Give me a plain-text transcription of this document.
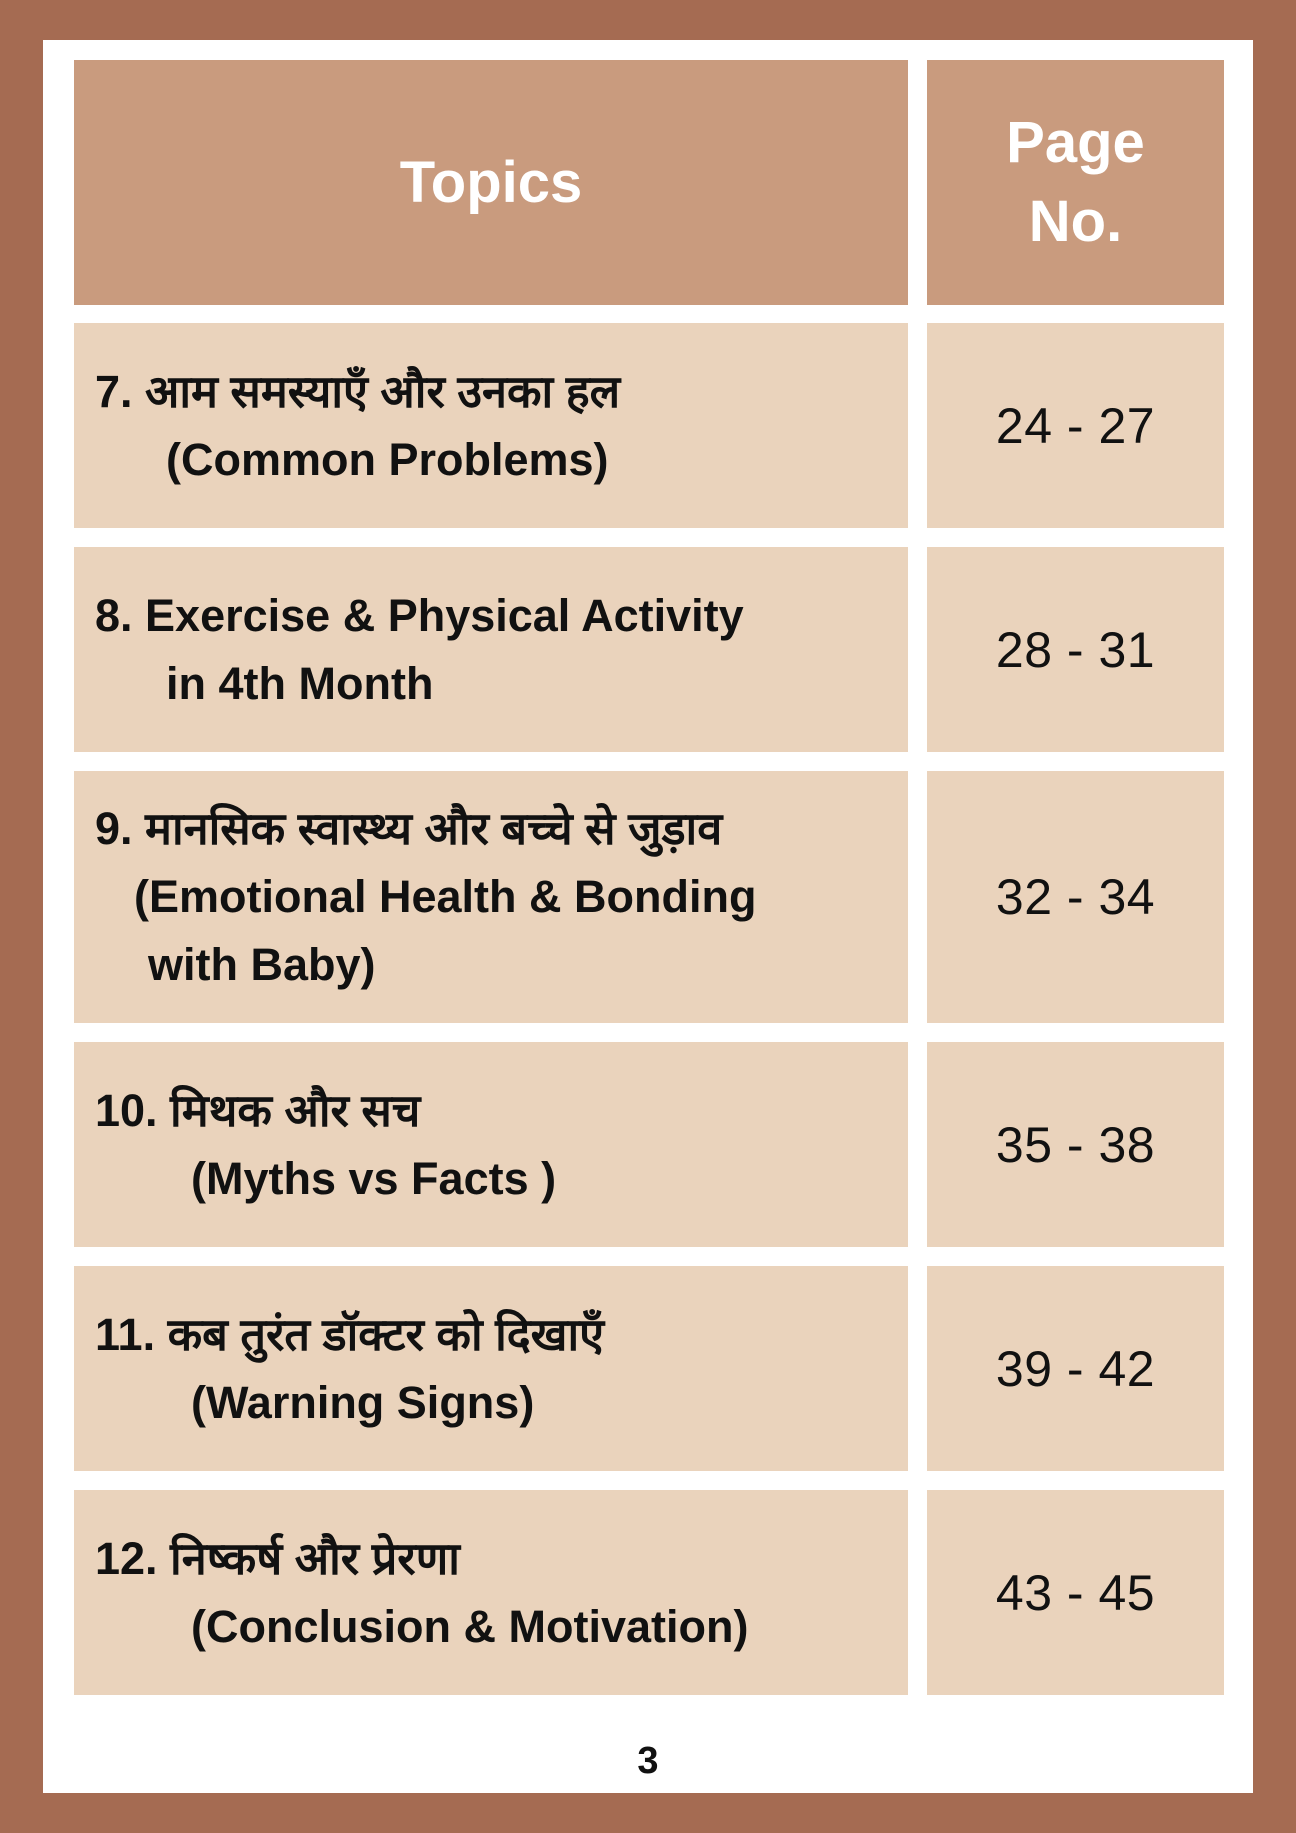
Topics
Page
No.
7. आम समस्याएँ और उनका हल
(Common Problems)
24 - 27
8. Exercise & Physical Activity
in 4th Month
28 - 31
9. मानसिक स्वास्थ्य और बच्चे से जुड़ाव
(Emotional Health & Bonding
with Baby)
32 - 34
10. मिथक और सच
(Myths vs Facts )
35 - 38
11. कब तुरंत डॉक्टर को दिखाएँ
(Warning Signs)
39 - 42
12. निष्कर्ष और प्रेरणा
(Conclusion & Motivation)
43 - 45
3
